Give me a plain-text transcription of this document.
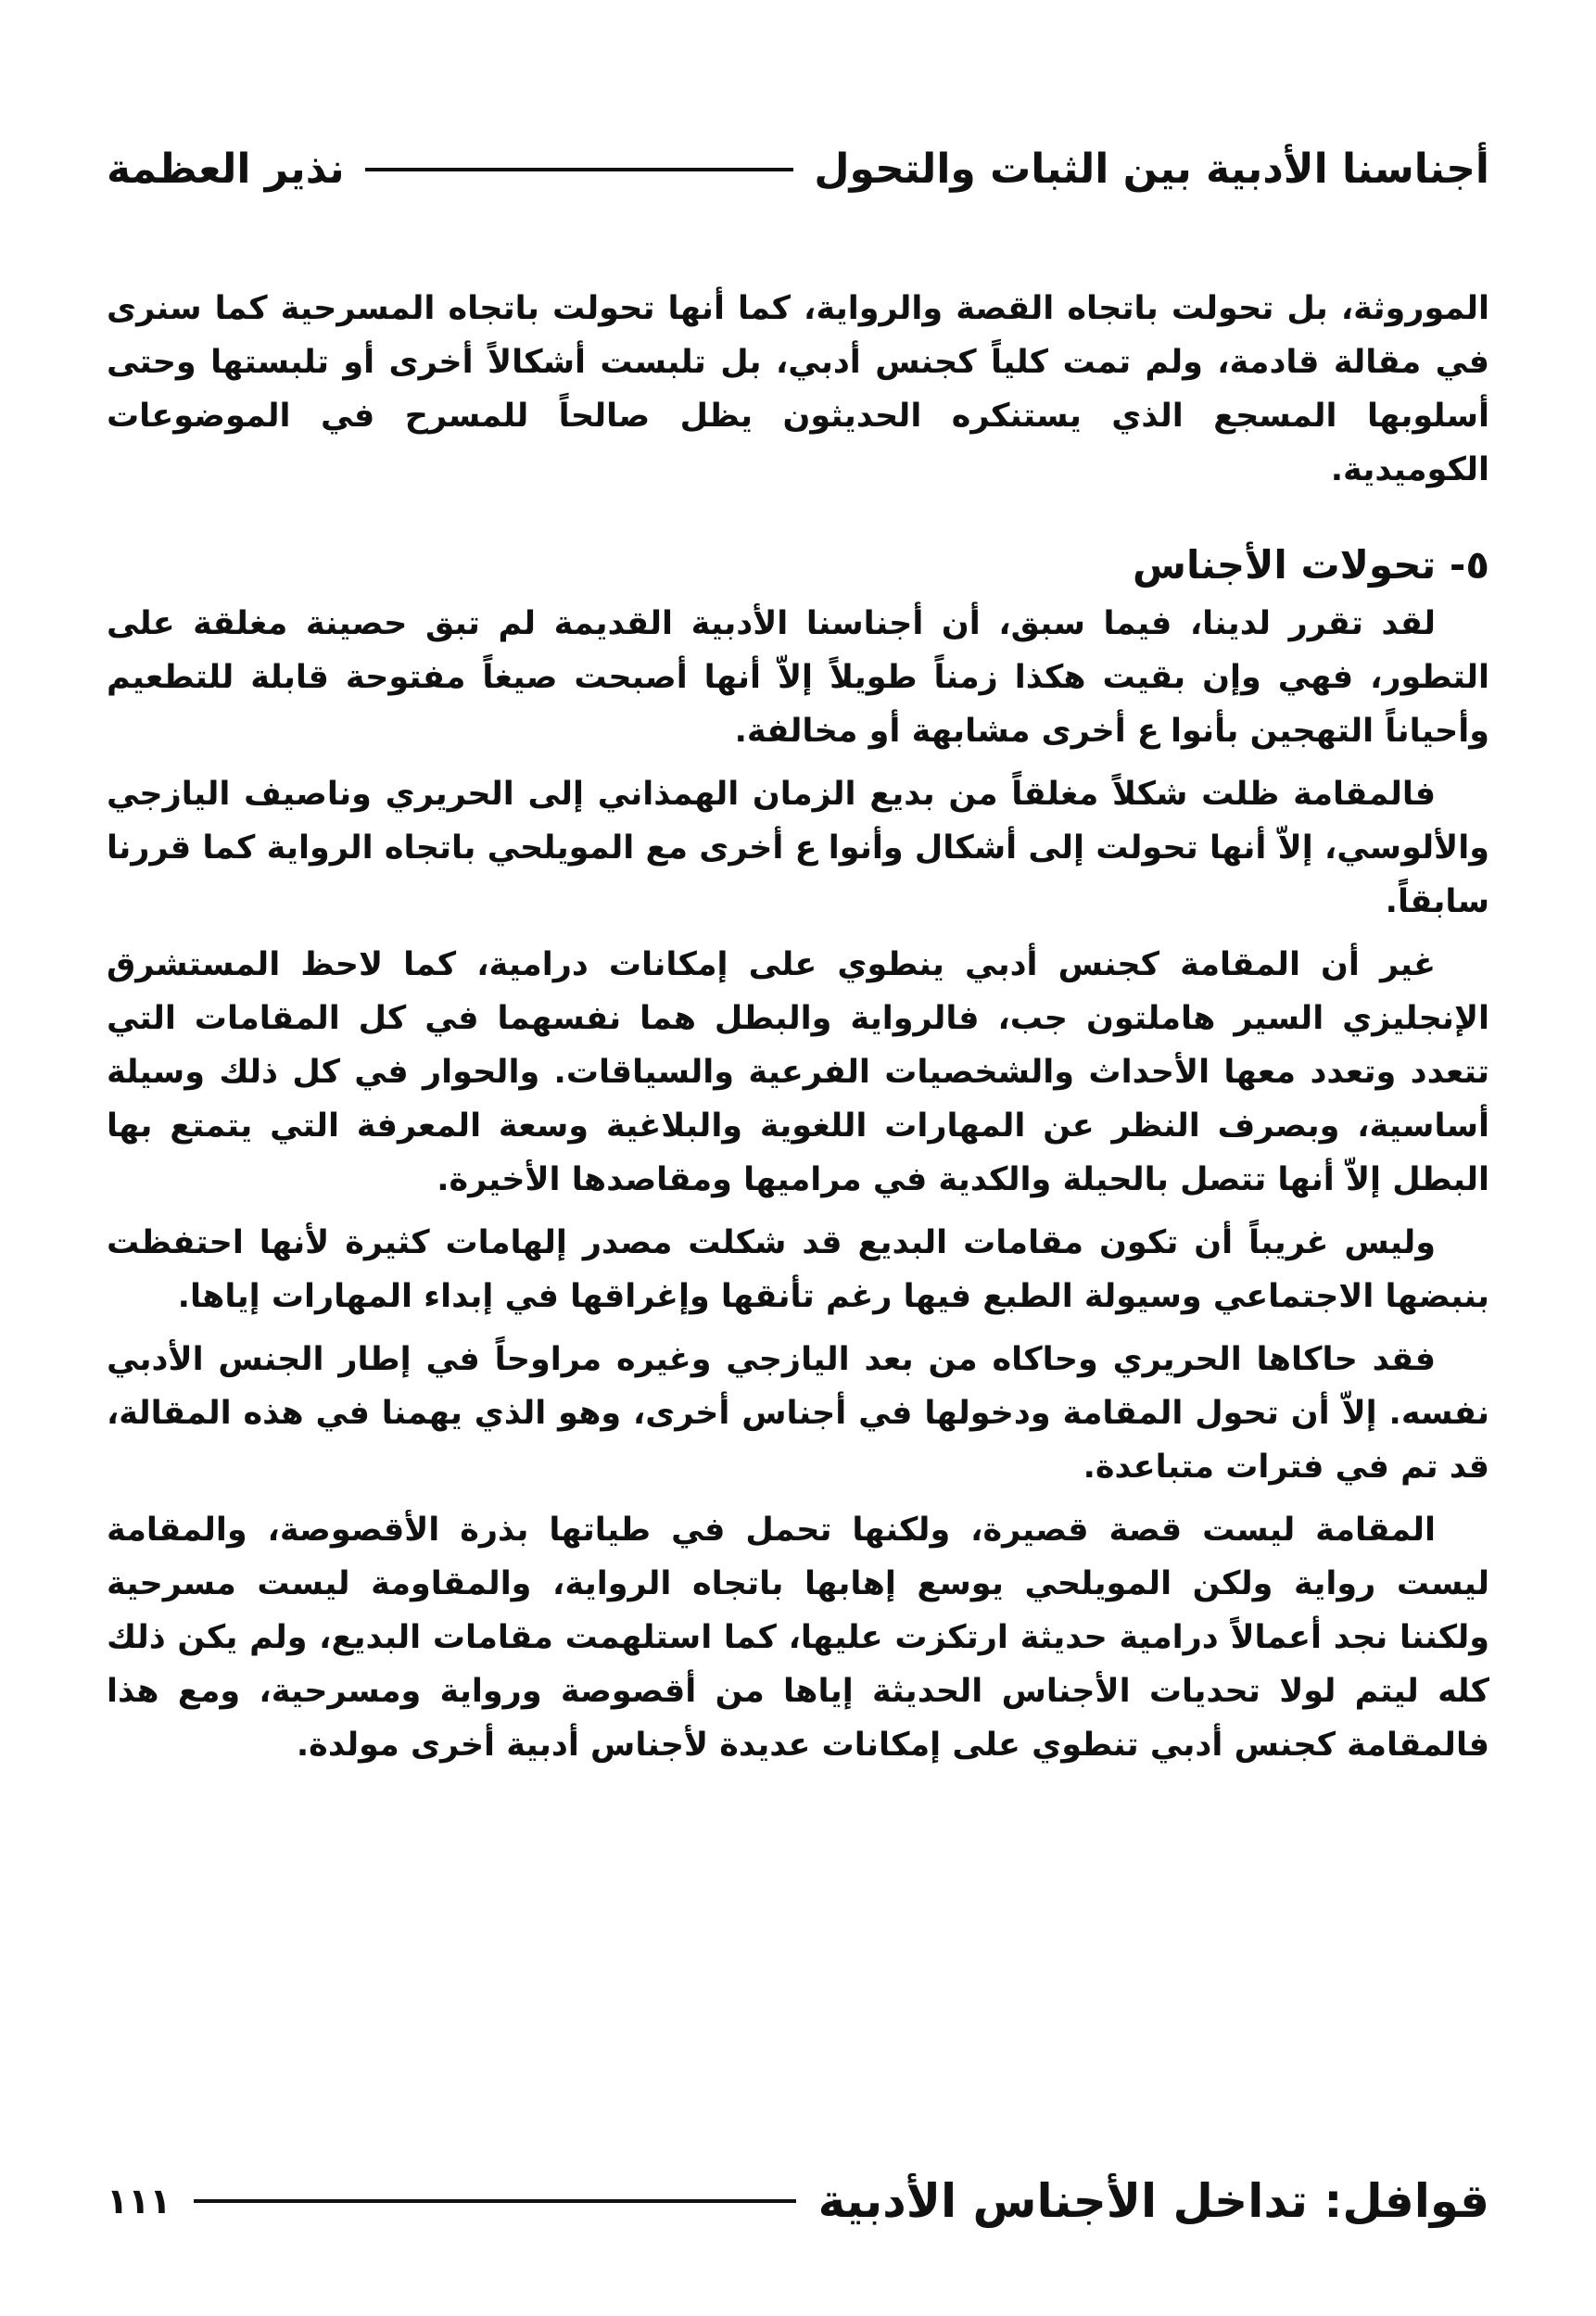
أجناسنا الأدبية بين الثبات والتحول
نذير العظمة

الموروثة، بل تحولت باتجاه القصة والرواية، كما أنها تحولت باتجاه المسرحية كما سنرى في مقالة قادمة، ولم تمت كلياً كجنس أدبي، بل تلبست أشكالاً أخرى أو تلبستها وحتى أسلوبها المسجع الذي يستنكره الحديثون يظل صالحاً للمسرح في الموضوعات الكوميدية.

٥- تحولات الأجناس

لقد تقرر لدينا، فيما سبق، أن أجناسنا الأدبية القديمة لم تبق حصينة مغلقة على التطور، فهي وإن بقيت هكذا زمناً طويلاً إلاّ أنها أصبحت صيغاً مفتوحة قابلة للتطعيم وأحياناً التهجين بأنوا ع أخرى مشابهة أو مخالفة.

فالمقامة ظلت شكلاً مغلقاً من بديع الزمان الهمذاني إلى الحريري وناصيف اليازجي والألوسي، إلاّ أنها تحولت إلى أشكال وأنوا ع أخرى مع المويلحي باتجاه الرواية كما قررنا سابقاً.

غير أن المقامة كجنس أدبي ينطوي على إمكانات درامية، كما لاحظ المستشرق الإنجليزي السير هاملتون جب، فالرواية والبطل هما نفسهما في كل المقامات التي تتعدد وتعدد معها الأحداث والشخصيات الفرعية والسياقات. والحوار في كل ذلك وسيلة أساسية، وبصرف النظر عن المهارات اللغوية والبلاغية وسعة المعرفة التي يتمتع بها البطل إلاّ أنها تتصل بالحيلة والكدية في مراميها ومقاصدها الأخيرة.

وليس غريباً أن تكون مقامات البديع قد شكلت مصدر إلهامات كثيرة لأنها احتفظت بنبضها الاجتماعي وسيولة الطبع فيها رغم تأنقها وإغراقها في إبداء المهارات إياها.

فقد حاكاها الحريري وحاكاه من بعد اليازجي وغيره مراوحاً في إطار الجنس الأدبي نفسه. إلاّ أن تحول المقامة ودخولها في أجناس أخرى، وهو الذي يهمنا في هذه المقالة، قد تم في فترات متباعدة.

المقامة ليست قصة قصيرة، ولكنها تحمل في طياتها بذرة الأقصوصة، والمقامة ليست رواية ولكن المويلحي يوسع إهابها باتجاه الرواية، والمقاومة ليست مسرحية ولكننا نجد أعمالاً درامية حديثة ارتكزت عليها، كما استلهمت مقامات البديع، ولم يكن ذلك كله ليتم لولا تحديات الأجناس الحديثة إياها من أقصوصة ورواية ومسرحية، ومع هذا فالمقامة كجنس أدبي تنطوي على إمكانات عديدة لأجناس أدبية أخرى مولدة.

قوافل: تداخل الأجناس الأدبية
١١١
